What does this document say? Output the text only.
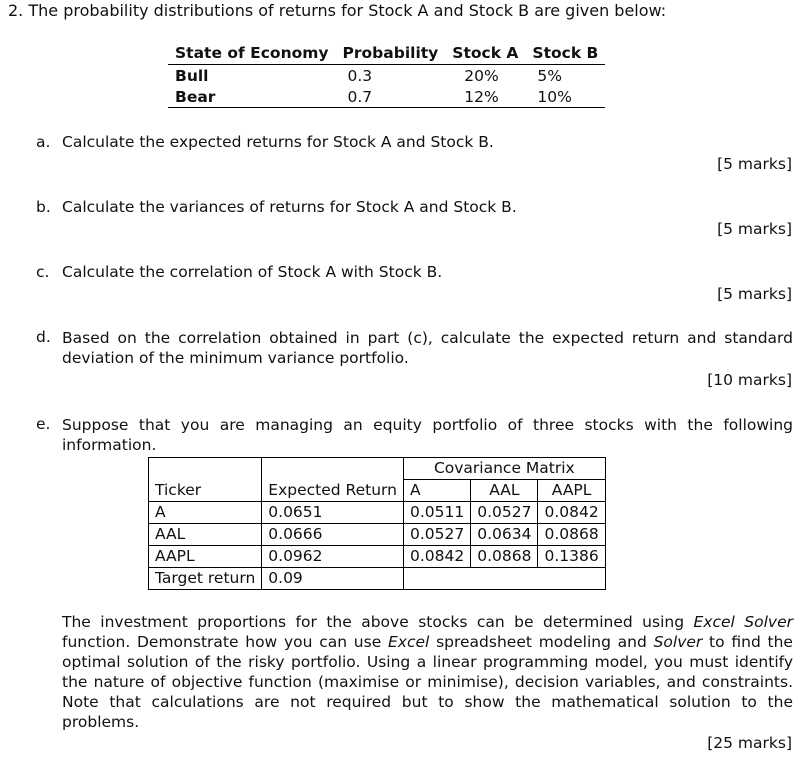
2. The probability distributions of returns for Stock A and Stock B are given below:
State of Economy	Probability	Stock A	Stock B
Bull	0.3	20%	5%
Bear	0.7	12%	10%
a. Calculate the expected returns for Stock A and Stock B.
[5 marks]
b. Calculate the variances of returns for Stock A and Stock B.
[5 marks]
c. Calculate the correlation of Stock A with Stock B.
[5 marks]
d. Based on the correlation obtained in part (c), calculate the expected return and standard deviation of the minimum variance portfolio.
[10 marks]
e. Suppose that you are managing an equity portfolio of three stocks with the following information.
		Covariance Matrix		
Ticker	Expected Return	A	AAL	AAPL
A	0.0651	0.0511	0.0527	0.0842
AAL	0.0666	0.0527	0.0634	0.0868
AAPL	0.0962	0.0842	0.0868	0.1386
Target return	0.09			
The investment proportions for the above stocks can be determined using Excel Solver function. Demonstrate how you can use Excel spreadsheet modeling and Solver to find the optimal solution of the risky portfolio. Using a linear programming model, you must identify the nature of objective function (maximise or minimise), decision variables, and constraints. Note that calculations are not required but to show the mathematical solution to the problems.
[25 marks]
